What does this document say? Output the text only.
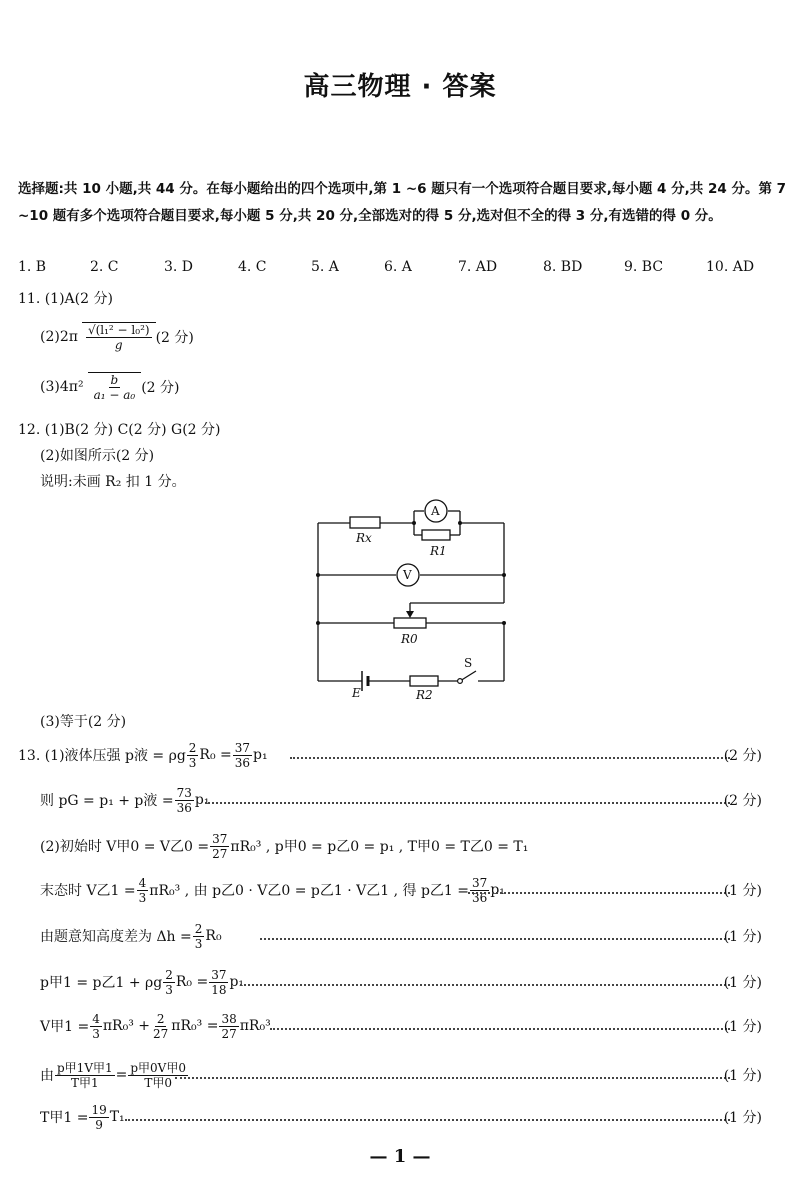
高三物理 · 答案
选择题:共 10 小题,共 44 分。在每小题给出的四个选项中,第 1 ~6 题只有一个选项符合题目要求,每小题 4 分,共 24 分。第 7 ~10 题有多个选项符合题目要求,每小题 5 分,共 20 分,全部选对的得 5 分,选对但不全的得 3 分,有选错的得 0 分。
1. B	2. C	3. D	4. C	5. A	6. A	7. AD	8. BD	9. BC	10. AD
11. (1)A(2 分)
$(2)2\pi \frac{\text{√(l₁² − l₀²)}}{g} (2$ 分)
$(3)4\pi^2 \frac{b}{\text{a₁ − a₀}} (2$ 分)
12. (1)B(2 分) C(2 分) G(2 分)
(2)如图所示(2 分)
说明:未画 R₂ 扣 1 分。
Rx
R1
R0
E	R2
A
V
S
(3)等于(2 分)
13. (1)液体压强 p液 = ρg $\frac{2}{3} R_0 = \frac{37}{36} p_1$	(2 分)
则 pG = p₁ + p液 = $\frac{73}{36} p_1$	(2 分)
(2)初始时 V甲0 = V乙$0 = \frac{37}{27} \pi R_0^3$ , p甲0 = p乙0 = p₁ , T甲0 = T乙0 = T₁
末态时 V乙$1 = \frac{4}{3} \pi R_0^3$ , 由 p乙0 · V乙0 = p乙1 · V乙1 , 得 p乙$1 = \frac{37}{36} p_1$	(1 分)
由题意知高度差为 $\Delta h = \frac{2}{3} R_0$	(1 分)
p甲1 = p乙1 + ρg $\frac{2}{3} R_0 = \frac{37}{18} p_1$	(1 分)
V甲$1 = \frac{4}{3} \pi R_0^3 + \frac{2}{27} \pi R_0^3 = \frac{38}{27} \pi R_0^3$	(1 分)
由 $\frac{\text{p甲1V甲1}}{\text{T甲1}} = \frac{\text{p甲0V甲0}}{\text{T甲0}}$	(1 分)
T甲$1 = \frac{19}{9} T_1$	(1 分)
— 1 —
